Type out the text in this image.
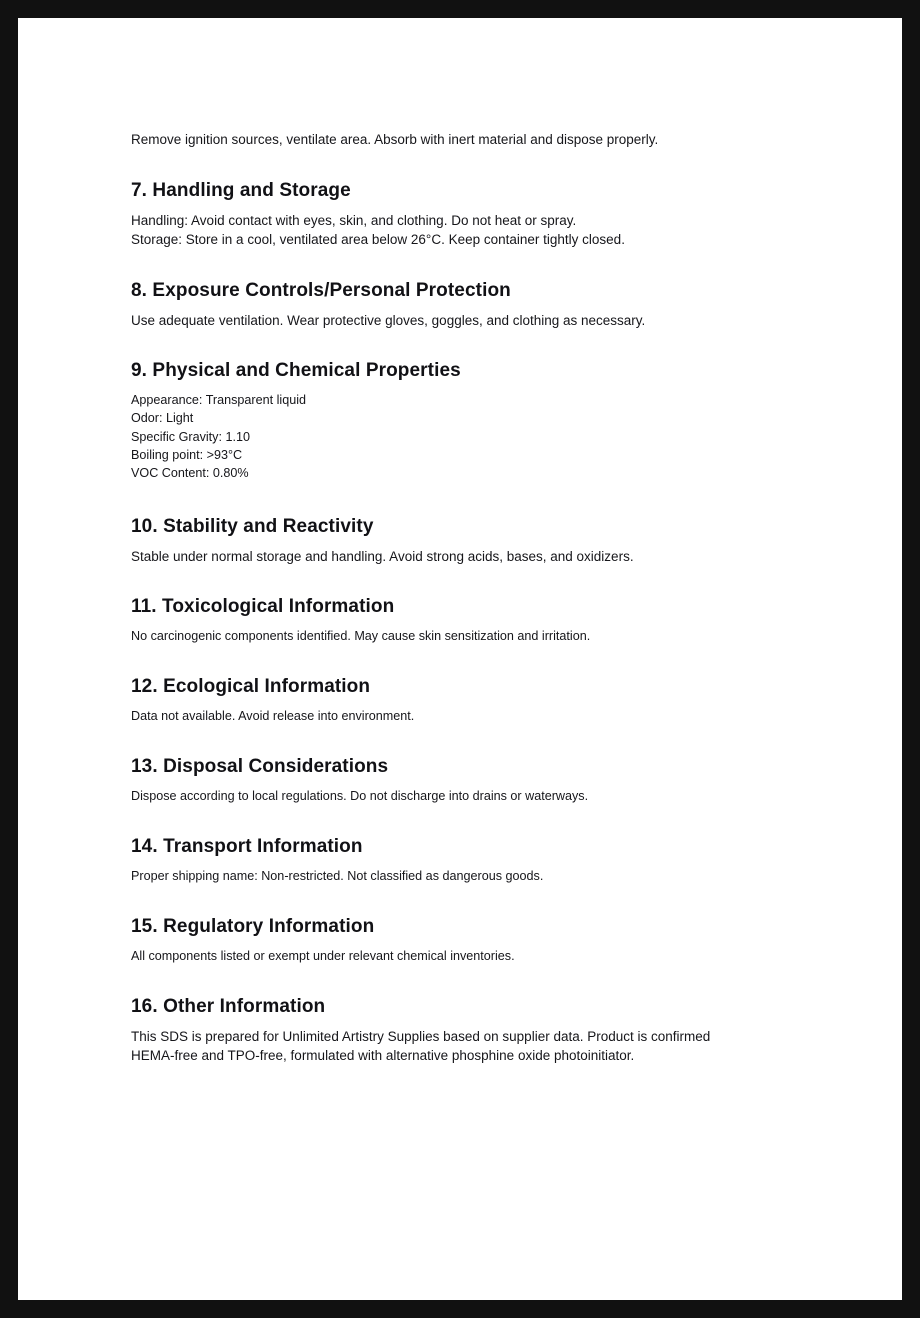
Remove ignition sources, ventilate area. Absorb with inert material and dispose properly.

7. Handling and Storage
Handling: Avoid contact with eyes, skin, and clothing. Do not heat or spray.
Storage: Store in a cool, ventilated area below 26°C. Keep container tightly closed.
8. Exposure Controls/Personal Protection
Use adequate ventilation. Wear protective gloves, goggles, and clothing as necessary.
9. Physical and Chemical Properties
Appearance: Transparent liquid
Odor: Light
Specific Gravity: 1.10
Boiling point: >93°C
VOC Content: 0.80%
10. Stability and Reactivity
Stable under normal storage and handling. Avoid strong acids, bases, and oxidizers.
11. Toxicological Information
No carcinogenic components identified. May cause skin sensitization and irritation.
12. Ecological Information
Data not available. Avoid release into environment.
13. Disposal Considerations
Dispose according to local regulations. Do not discharge into drains or waterways.
14. Transport Information
Proper shipping name: Non-restricted. Not classified as dangerous goods.
15. Regulatory Information
All components listed or exempt under relevant chemical inventories.
16. Other Information
This SDS is prepared for Unlimited Artistry Supplies based on supplier data. Product is confirmed
HEMA-free and TPO-free, formulated with alternative phosphine oxide photoinitiator.
